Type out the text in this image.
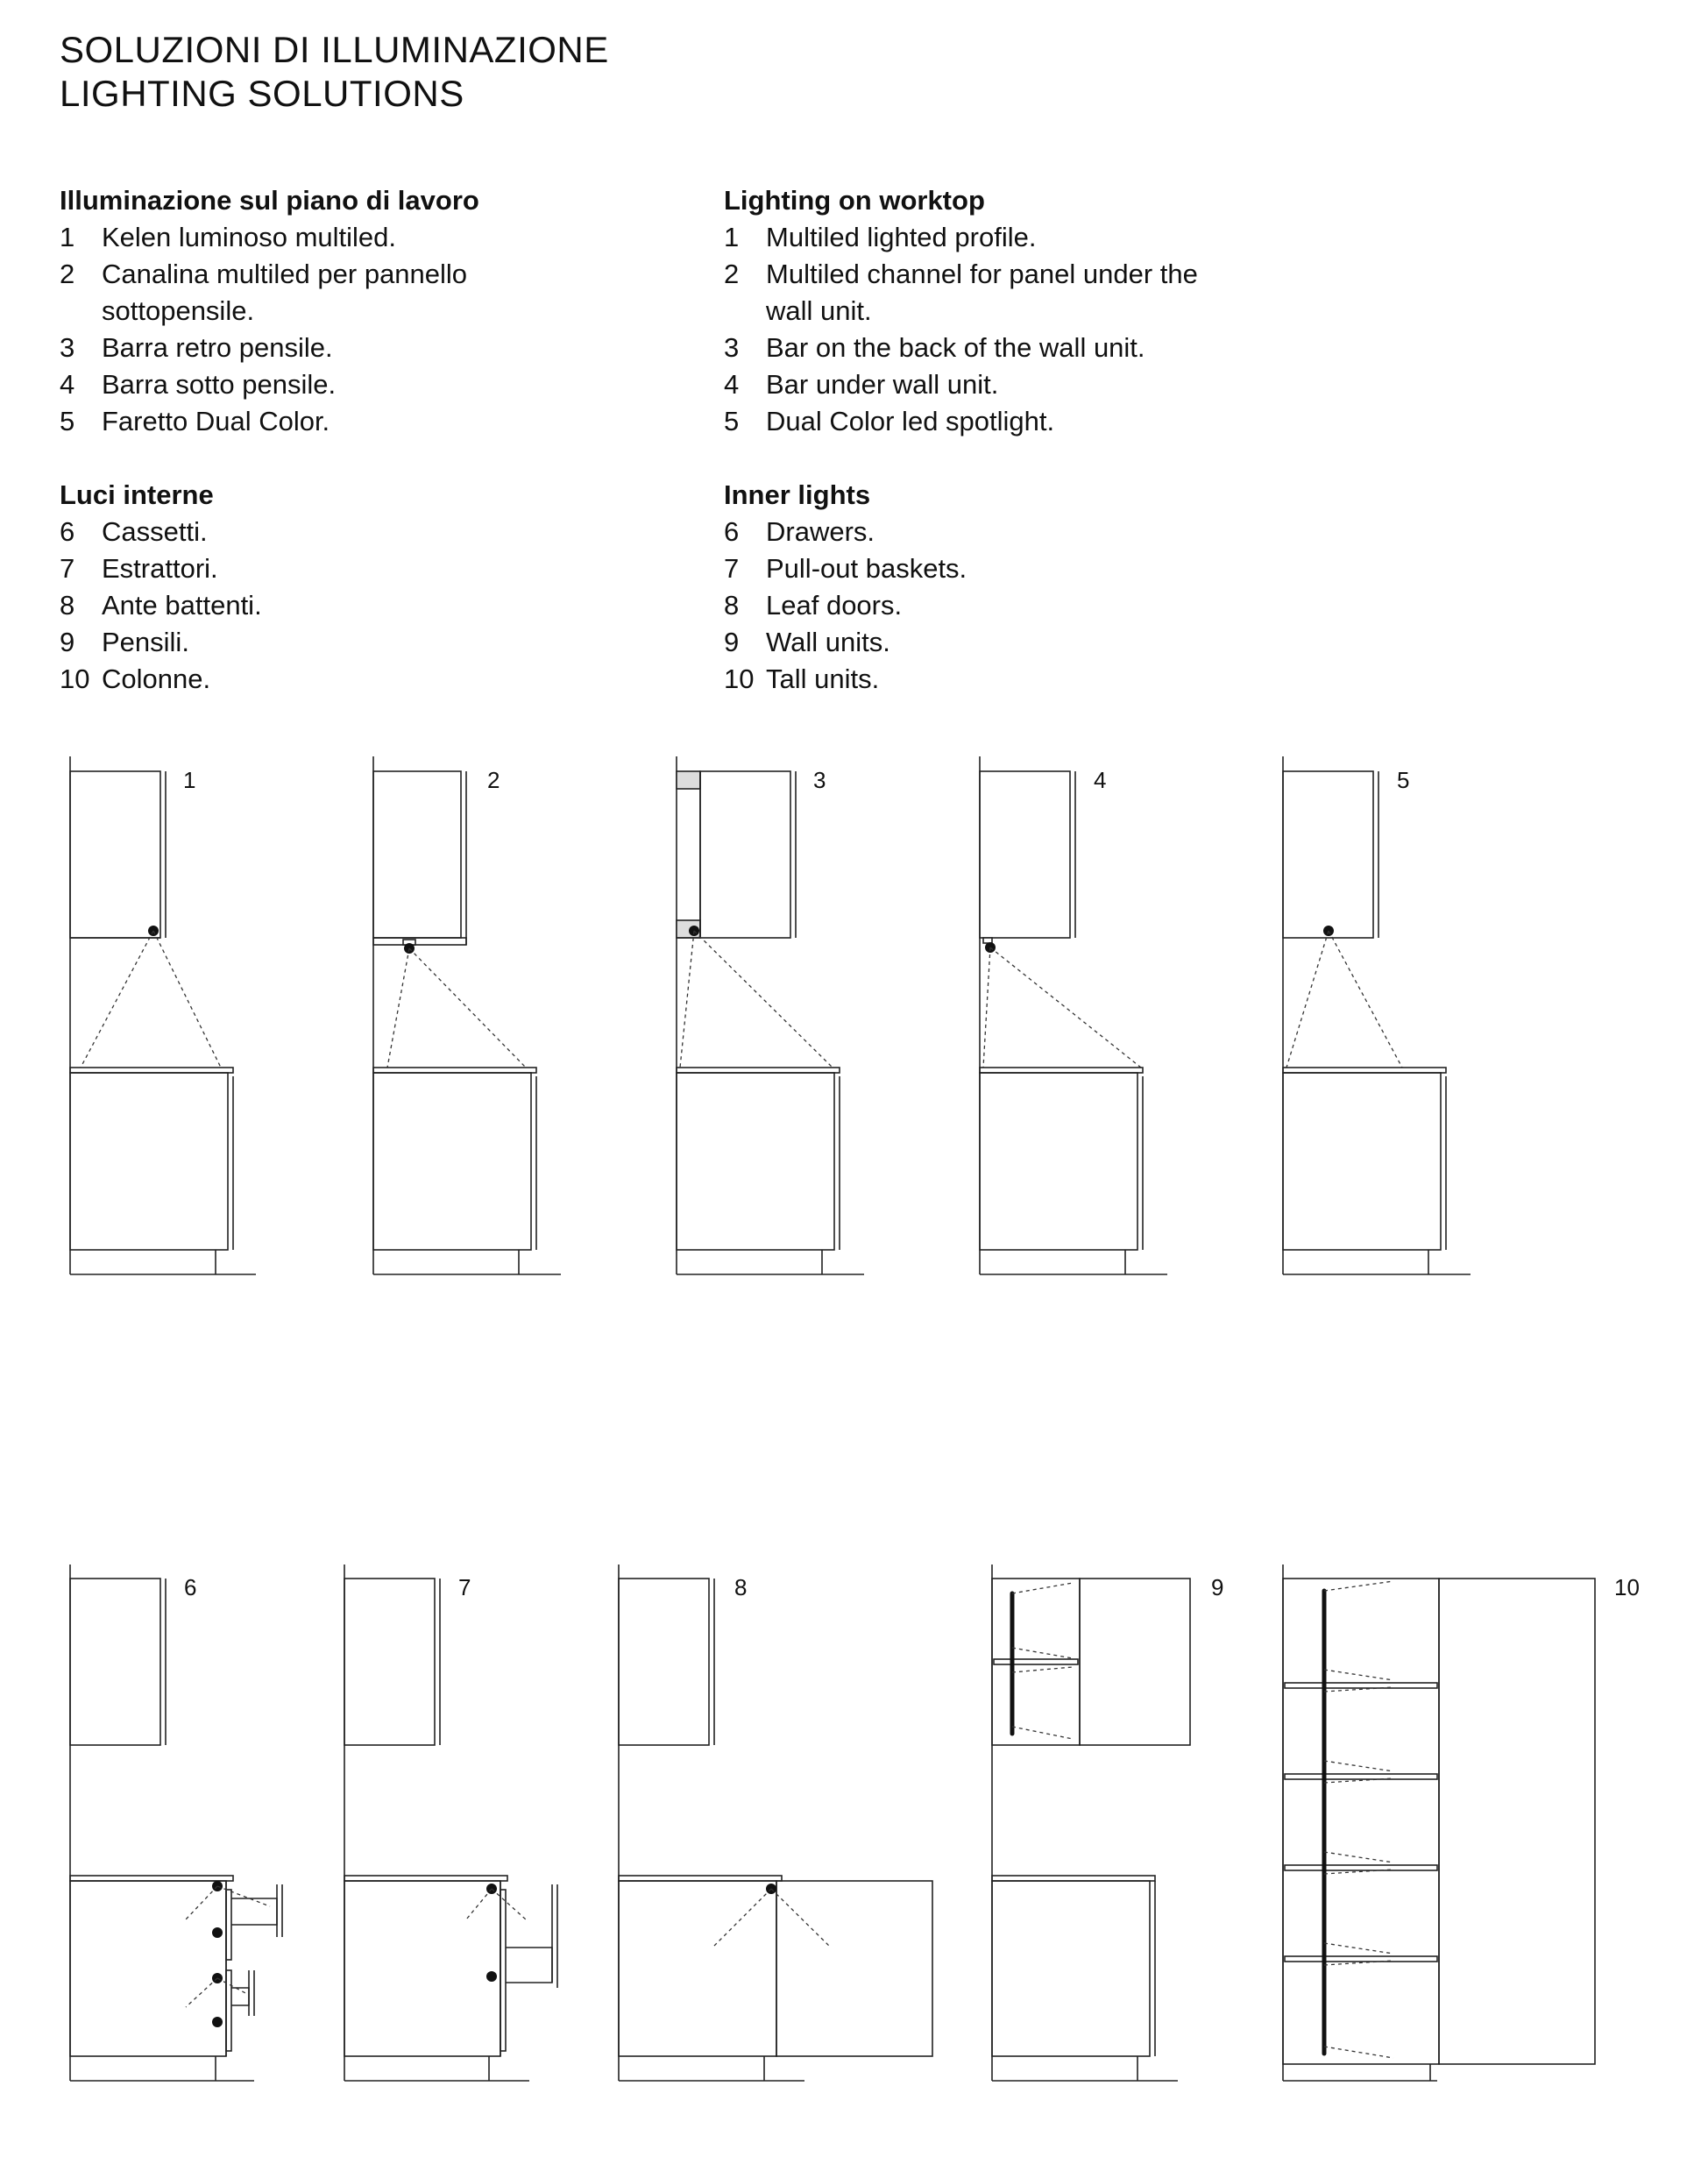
SOLUZIONI DI ILLUMINAZIONE
LIGHTING SOLUTIONS
Illuminazione sul piano di lavoro
1 Kelen luminoso multiled.
2 Canalina multiled per pannello sottopensile.
3 Barra retro pensile.
4 Barra sotto pensile.
5 Faretto Dual Color.
Luci interne
6 Cassetti.
7 Estrattori.
8 Ante battenti.
9 Pensili.
10 Colonne.
Lighting on worktop
1 Multiled lighted profile.
2 Multiled channel for panel under the wall unit.
3 Bar on the back of the wall unit.
4 Bar under wall unit.
5 Dual Color led spotlight.
Inner lights
6 Drawers.
7 Pull-out baskets.
8 Leaf doors.
9 Wall units.
10 Tall units.
1	2	3	4	5
6	7	8	9	10
